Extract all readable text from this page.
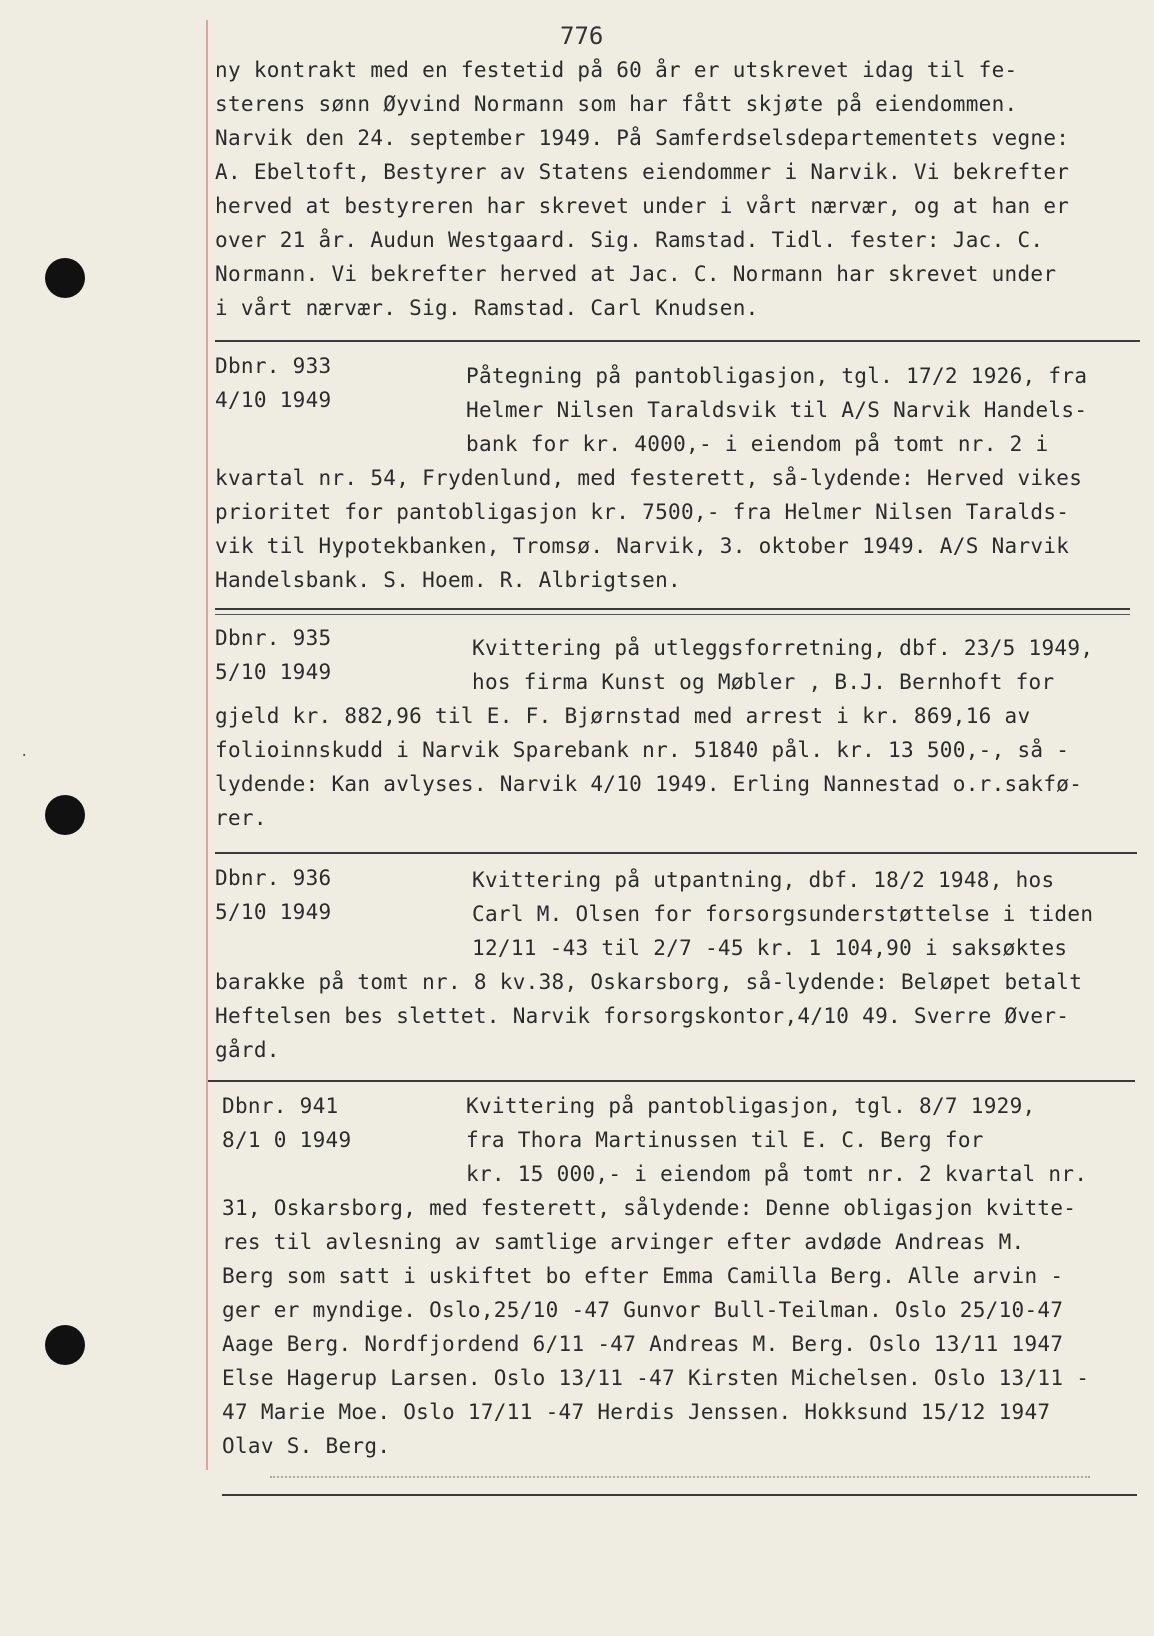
·
776
ny kontrakt med en festetid på 60 år er utskrevet idag til fe-
sterens sønn Øyvind Normann som har fått skjøte på eiendommen.
Narvik den 24. september 1949. På Samferdselsdepartementets vegne:
A. Ebeltoft, Bestyrer av Statens eiendommer i Narvik. Vi bekrefter
herved at bestyreren har skrevet under i vårt nærvær, og at han er
over 21 år. Audun Westgaard. Sig. Ramstad. Tidl. fester: Jac. C.
Normann. Vi bekrefter herved at Jac. C. Normann har skrevet under
i vårt nærvær. Sig. Ramstad. Carl Knudsen.
Dbnr. 933
4/10 1949
Påtegning på pantobligasjon, tgl. 17/2 1926, fra
Helmer Nilsen Taraldsvik til A/S Narvik Handels-
bank for kr. 4000,- i eiendom på tomt nr. 2 i
kvartal nr. 54, Frydenlund, med festerett, så-lydende: Herved vikes
prioritet for pantobligasjon kr. 7500,- fra Helmer Nilsen Taralds-
vik til Hypotekbanken, Tromsø. Narvik, 3. oktober 1949. A/S Narvik
Handelsbank. S. Hoem. R. Albrigtsen.
Dbnr. 935
5/10 1949
Kvittering på utleggsforretning, dbf. 23/5 1949,
hos firma Kunst og Møbler , B.J. Bernhoft for
gjeld kr. 882,96 til E. F. Bjørnstad med arrest i kr. 869,16 av
folioinnskudd i Narvik Sparebank nr. 51840 pål. kr. 13 500,-, så -
lydende: Kan avlyses. Narvik 4/10 1949. Erling Nannestad o.r.sakfø-
rer.
Dbnr. 936
5/10 1949
Kvittering på utpantning, dbf. 18/2 1948, hos
Carl M. Olsen for forsorgsunderstøttelse i tiden
12/11 -43 til 2/7 -45 kr. 1 104,90 i saksøktes
barakke på tomt nr. 8 kv.38, Oskarsborg, så-lydende: Beløpet betalt
Heftelsen bes slettet. Narvik forsorgskontor,4/10 49. Sverre Øver-
gård.
Dbnr. 941
8/1 0 1949
Kvittering på pantobligasjon, tgl. 8/7 1929,
fra Thora Martinussen til E. C. Berg for
kr. 15 000,- i eiendom på tomt nr. 2 kvartal nr.
31, Oskarsborg, med festerett, sålydende: Denne obligasjon kvitte-
res til avlesning av samtlige arvinger efter avdøde Andreas M.
Berg som satt i uskiftet bo efter Emma Camilla Berg. Alle arvin -
ger er myndige. Oslo,25/10 -47 Gunvor Bull-Teilman. Oslo 25/10-47
Aage Berg. Nordfjordend 6/11 -47 Andreas M. Berg. Oslo 13/11 1947
Else Hagerup Larsen. Oslo 13/11 -47 Kirsten Michelsen. Oslo 13/11 -
47 Marie Moe. Oslo 17/11 -47 Herdis Jenssen. Hokksund 15/12 1947
Olav S. Berg.
